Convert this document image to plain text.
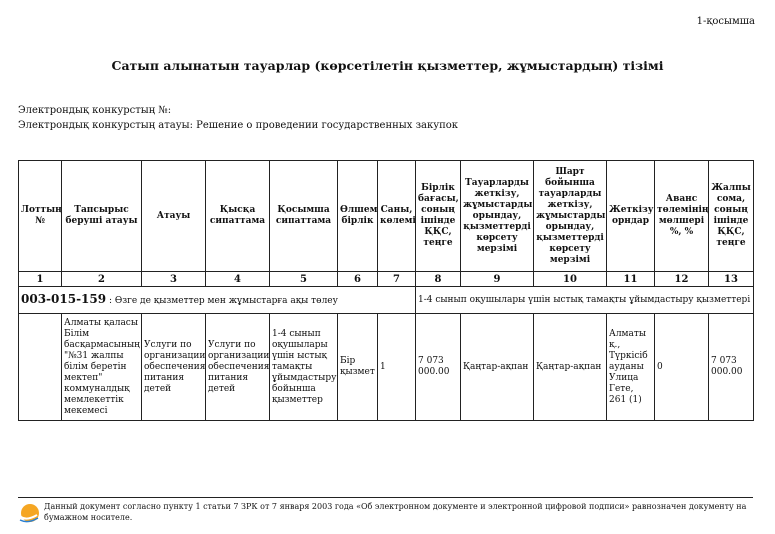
1-қосымша
Сатып алынатын тауарлар (көрсетілетін қызметтер, жұмыстардың) тізімі
Электрондық конкурстың №:
Электрондық конкурстың атауы: Решение о проведении государственных закупок
Лоттың №	Тапсырыс беруші атауы	Атауы	Қысқа сипаттама	Қосымша сипаттама	Өлшем бірлік	Саны, көлемі	Бірлік бағасы, соның ішінде ҚҚС, теңге	Тауарларды жеткізу, жұмыстарды орындау, қызметтерді көрсету мерзімі	Шарт бойынша тауарларды жеткізу, жұмыстарды орындау, қызметтерді көрсету мерзімі	Жеткізу орндар	Аванс төлемінің мөлшері %, %	Жалпы сома, соның ішінде ҚҚС, теңге
1	2	3	4	5	6	7	8	9	10	11	12	13
003-015-159 : Өзге де қызметтер мен жұмыстарға ақы төлеу							1-4 сынып оқушылары үшін ыстық тамақты ұйымдастыру қызметтері					
	Алматы қаласы Білім басқармасының "№31 жалпы білім беретін мектеп" коммуналдық мемлекеттік мекемесі	Услуги по организации обеспечения питания детей	Услуги по организации обеспечения питания детей	1-4 сынып оқушылары үшін ыстық тамақты ұйымдастыру бойынша қызметтер	Бір қызмет	1	7 073 000.00	Қаңтар-ақпан	Қаңтар-ақпан	Алматы қ., Түркісіб ауданы Улица Гете, 261 (1)	0	7 073 000.00
Данный документ согласно пункту 1 статьи 7 ЗРК от 7 января 2003 года «Об электронном документе и электронной цифровой подписи» равнозначен документу на бумажном носителе.
